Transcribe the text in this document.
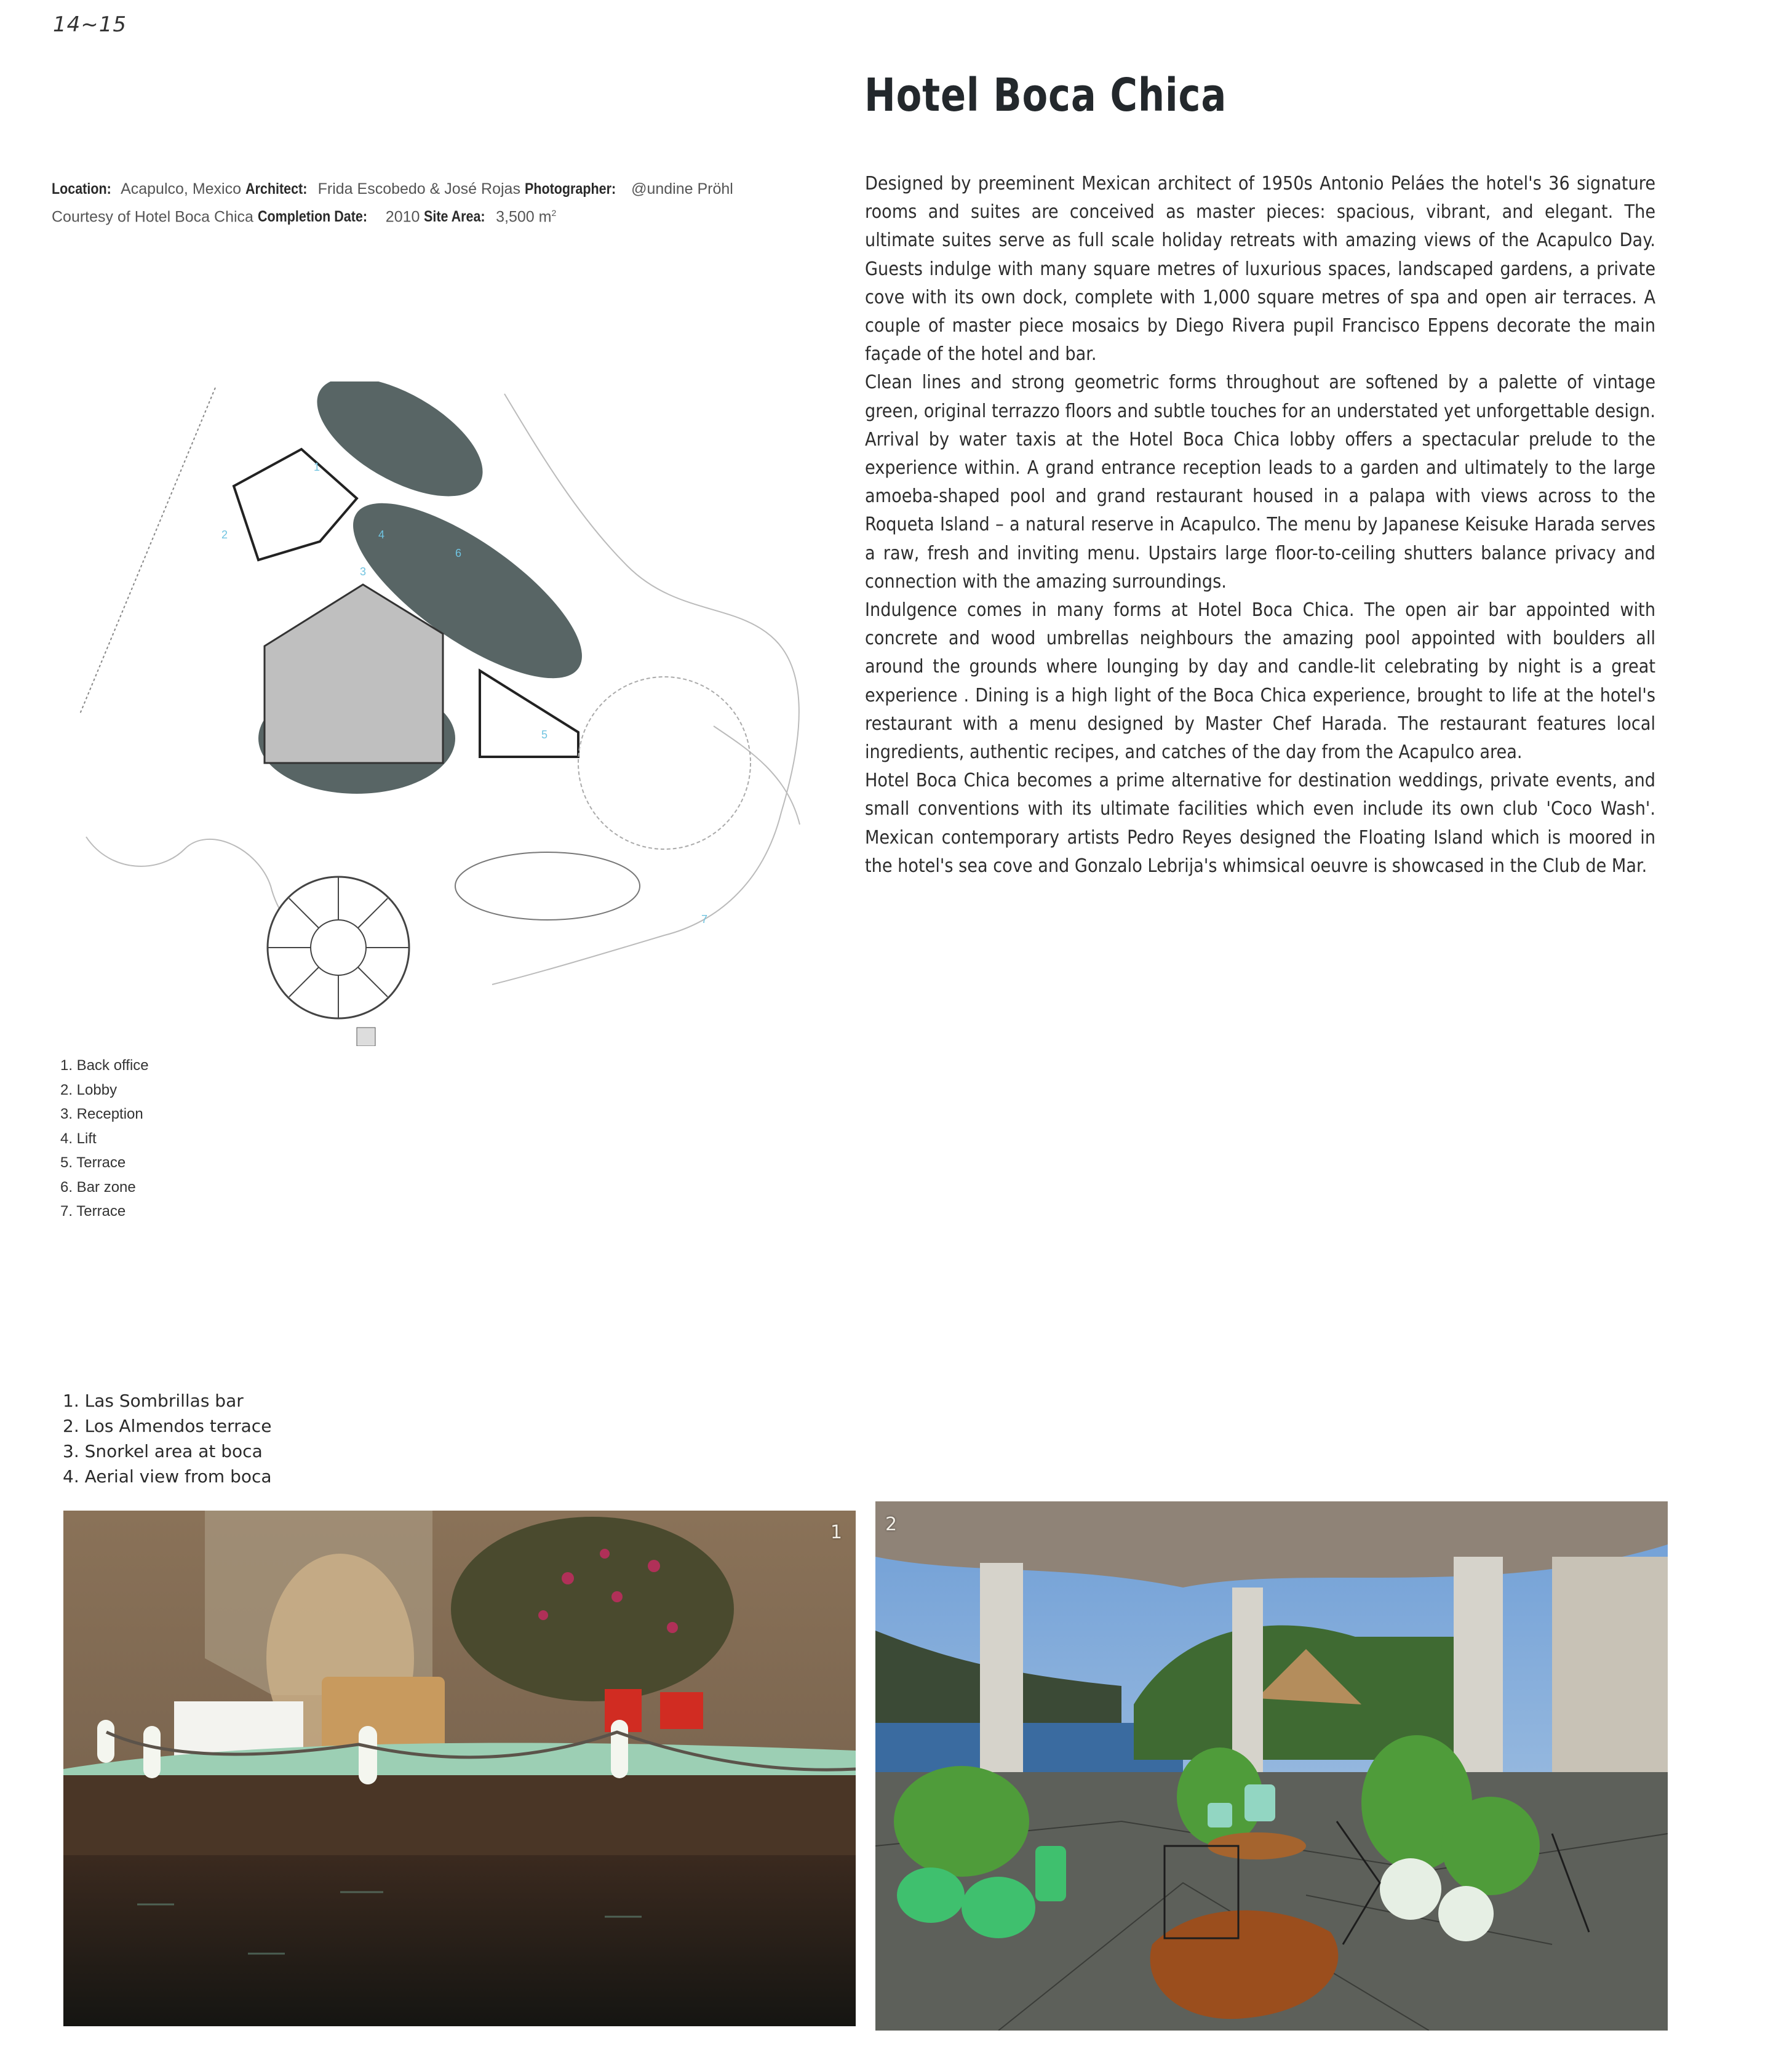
14~15
Hotel Boca Chica
Location: Acapulco, Mexico Architect: Frida Escobedo & José Rojas Photographer: @undine Pröhl
Courtesy of Hotel Boca Chica Completion Date: 2010 Site Area: 3,500 $m^2$

Designed by preeminent Mexican architect of 1950s Antonio Peláes the hotel's 36 signature rooms and suites are conceived as master pieces: spacious, vibrant, and elegant. The ultimate suites serve as full scale holiday retreats with amazing views of the Acapulco Day. Guests indulge with many square metres of luxurious spaces, landscaped gardens, a private cove with its own dock, complete with 1,000 square metres of spa and open air terraces. A couple of master piece mosaics by Diego Rivera pupil Francisco Eppens decorate the main façade of the hotel and bar.

Clean lines and strong geometric forms throughout are softened by a palette of vintage green, original terrazzo floors and subtle touches for an understated yet unforgettable design. Arrival by water taxis at the Hotel Boca Chica lobby offers a spectacular prelude to the experience within. A grand entrance reception leads to a garden and ultimately to the large amoeba-shaped pool and grand restaurant housed in a palapa with views across to the Roqueta Island – a natural reserve in Acapulco. The menu by Japanese Keisuke Harada serves a raw, fresh and inviting menu. Upstairs large floor-to-ceiling shutters balance privacy and connection with the amazing surroundings.

Indulgence comes in many forms at Hotel Boca Chica. The open air bar appointed with concrete and wood umbrellas neighbours the amazing pool appointed with boulders all around the grounds where lounging by day and candle-lit celebrating by night is a great experience . Dining is a high light of the Boca Chica experience, brought to life at the hotel's restaurant with a menu designed by Master Chef Harada. The restaurant features local ingredients, authentic recipes, and catches of the day from the Acapulco area.

Hotel Boca Chica becomes a prime alternative for destination weddings, private events, and small conventions with its ultimate facilities which even include its own club 'Coco Wash'. Mexican contemporary artists Pedro Reyes designed the Floating Island which is moored in the hotel's sea cove and Gonzalo Lebrija's whimsical oeuvre is showcased in the Club de Mar.

1
2
3
4
5
6
7
1. Back office
2. Lobby
3. Reception
4. Lift
5. Terrace
6. Bar zone
7. Terrace
1. Las Sombrillas bar
2. Los Almendos terrace
3. Snorkel area at boca
4. Aerial view from boca
1 2
